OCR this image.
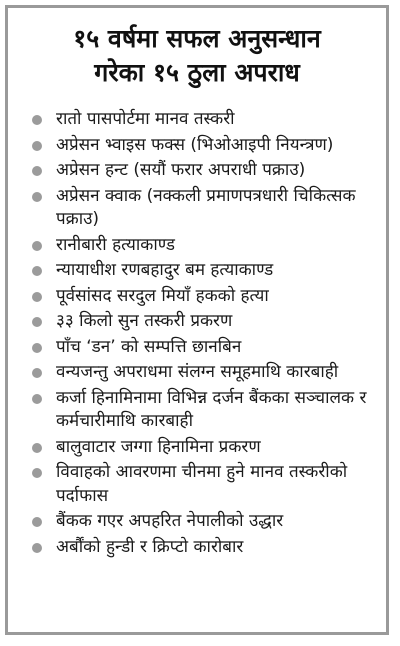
१५ वर्षमा सफल अनुसन्धान
गरेका १५ ठुला अपराध
रातो पासपोर्टमा मानव तस्करी
अप्रेसन भ्वाइस फक्स (भिओआइपी नियन्त्रण)
अप्रेसन हन्ट (सयौं फरार अपराधी पक्राउ)
अप्रेसन क्वाक (नक्कली प्रमाणपत्रधारी चिकित्सक पक्राउ)
रानीबारी हत्याकाण्ड
न्यायाधीश रणबहादुर बम हत्याकाण्ड
पूर्वसांसद सरदुल मियाँ हकको हत्या
३३ किलो सुन तस्करी प्रकरण
पाँच ‘डन’ को सम्पत्ति छानबिन
वन्यजन्तु अपराधमा संलग्न समूहमाथि कारबाही
कर्जा हिनामिनामा विभिन्न दर्जन बैंकका सञ्चालक र कर्मचारीमाथि कारबाही
बालुवाटार जग्गा हिनामिना प्रकरण
विवाहको आवरणमा चीनमा हुने मानव तस्करीको पर्दाफास
बैंकक गएर अपहरित नेपालीको उद्धार
अर्बौंको हुन्डी र क्रिप्टो कारोबार
